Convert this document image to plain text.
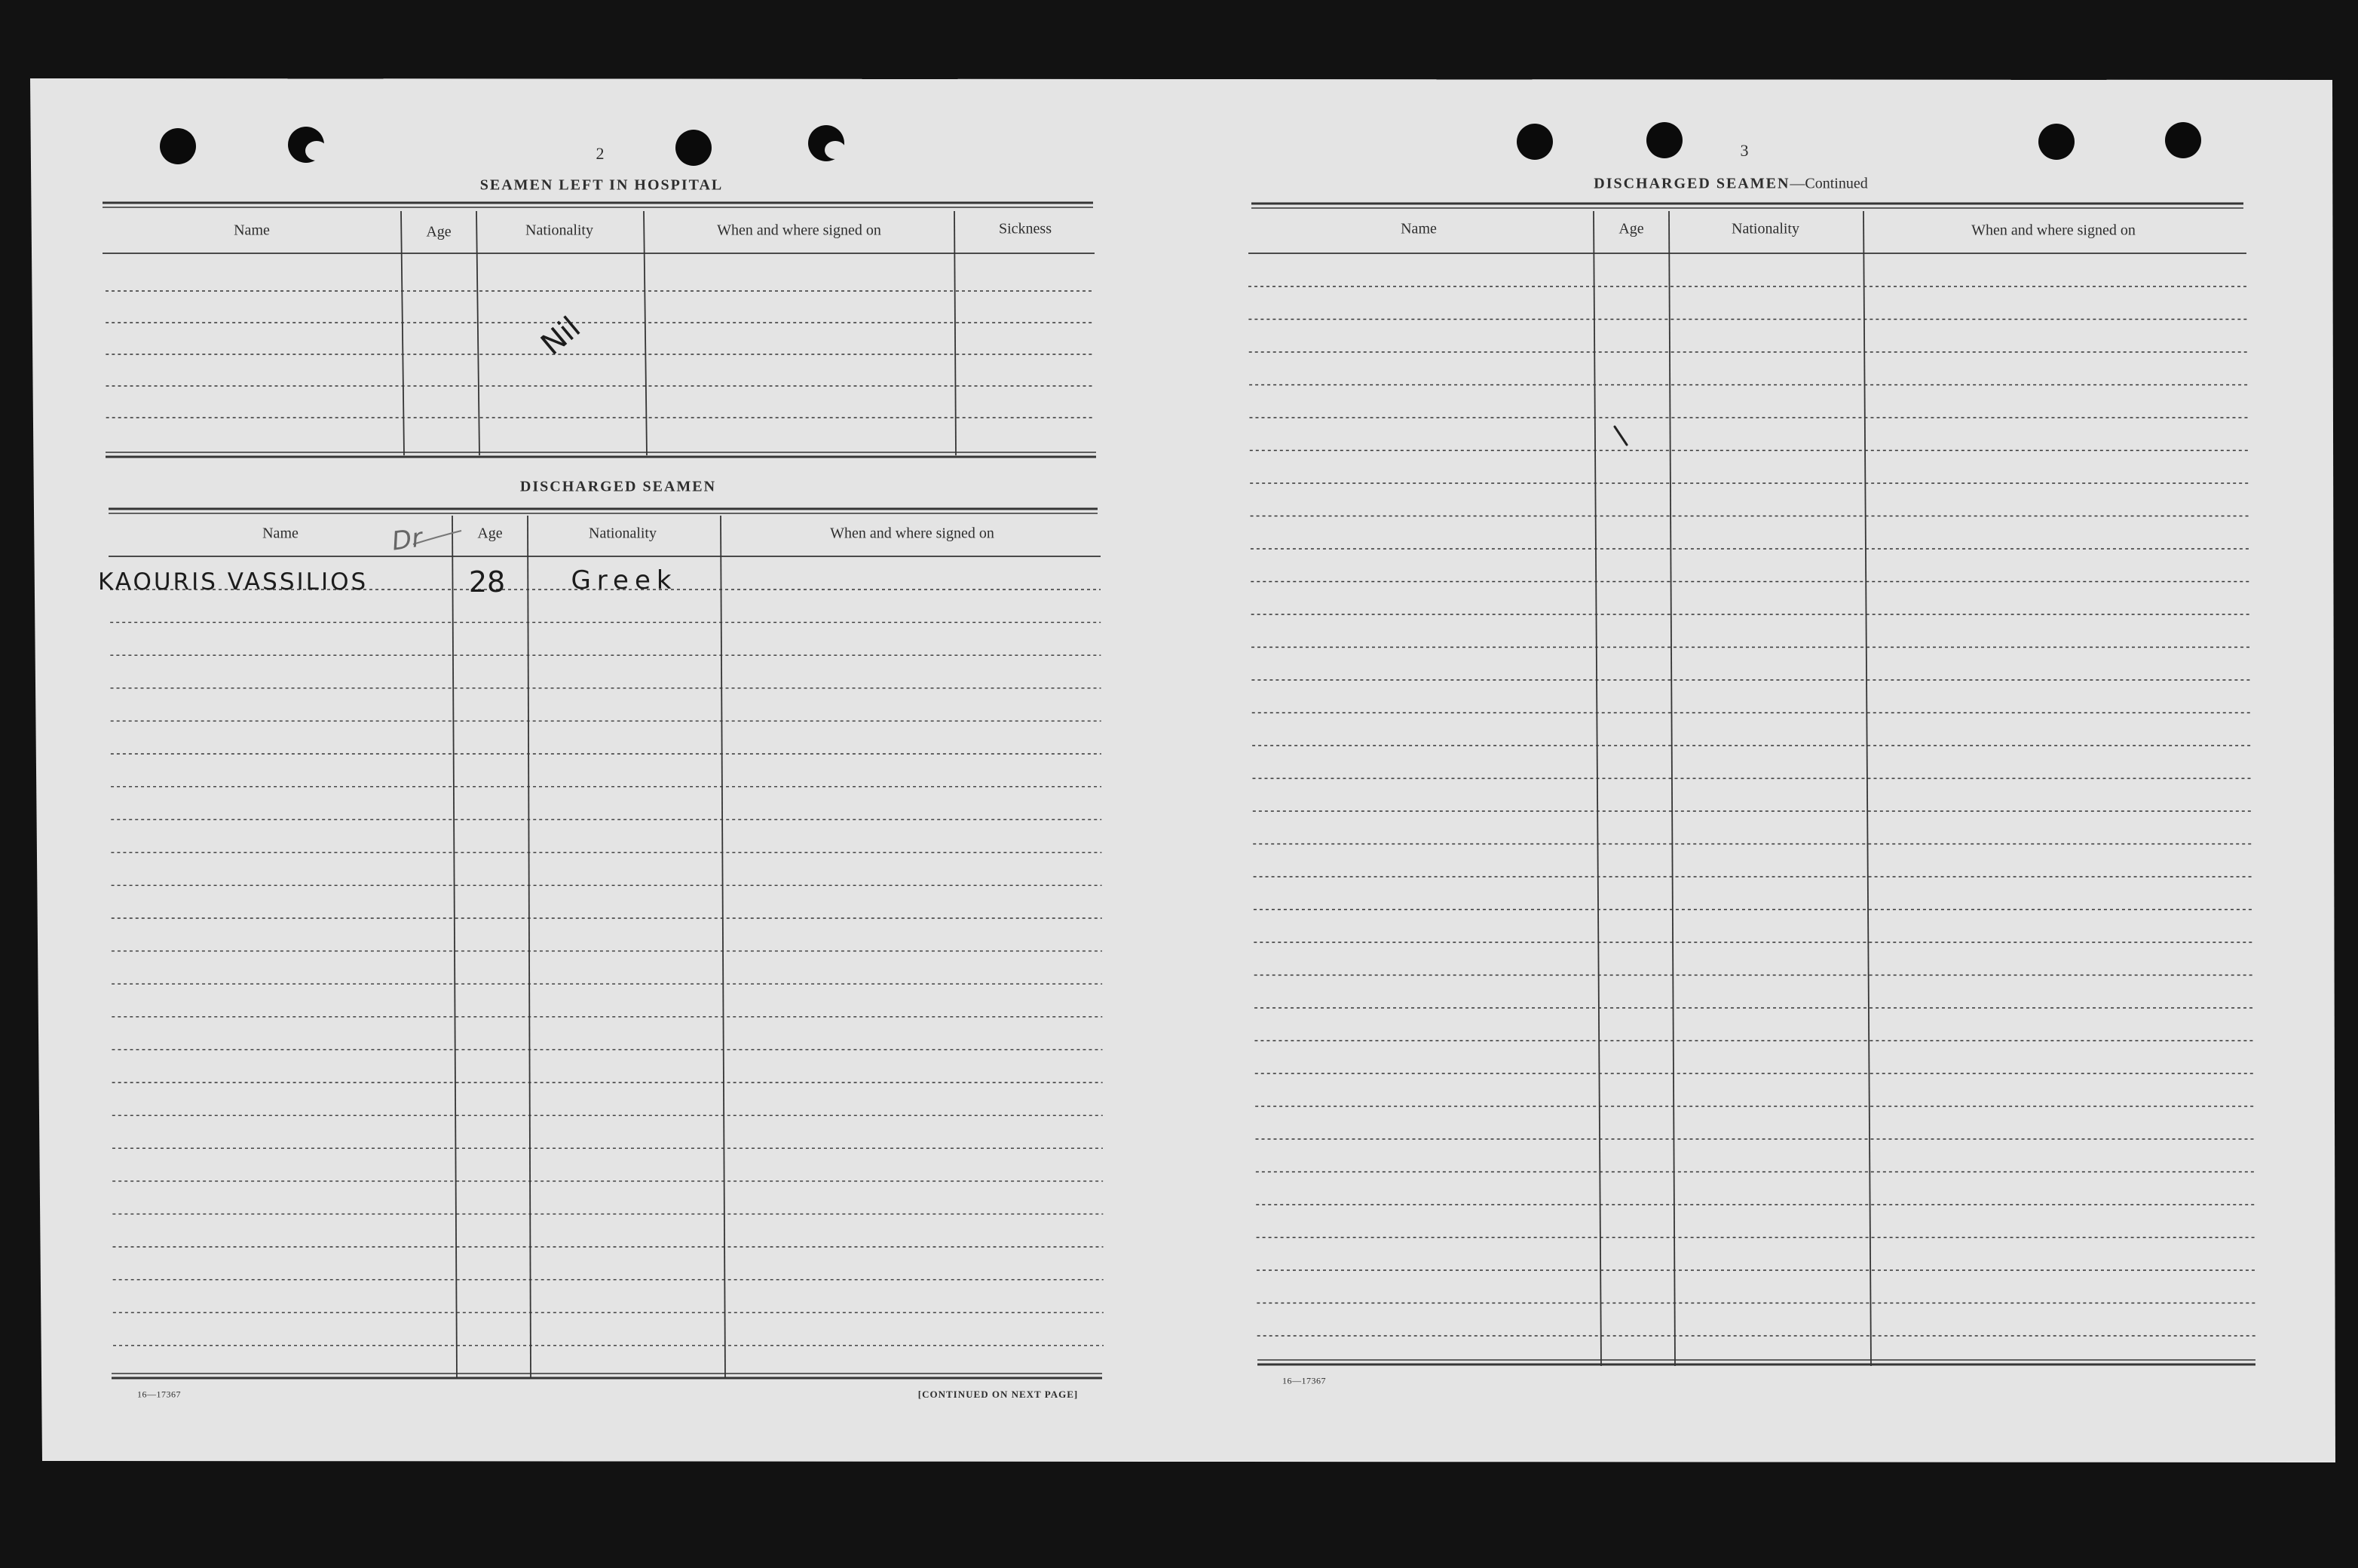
2
SEAMEN LEFT IN HOSPITAL
Name	Age	Nationality	When and where signed on	Sickness
Nil
DISCHARGED SEAMEN
Name	Age	Nationality	When and where signed on
Dr
KAOURIS VASSILIOS	28	Greek
16—17367	[CONTINUED ON NEXT PAGE]
3
DISCHARGED SEAMEN—Continued
Name	Age	Nationality	When and where signed on
16—17367
